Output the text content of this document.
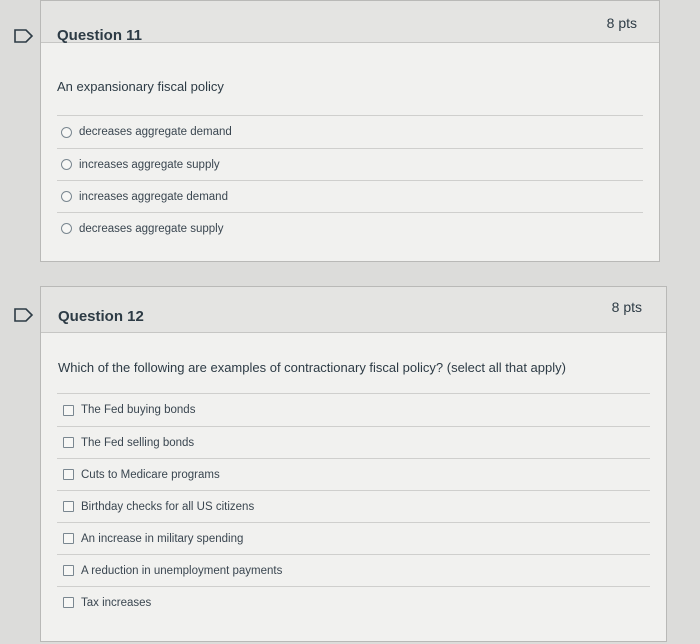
Question 11
8 pts
An expansionary fiscal policy
decreases aggregate demand
increases aggregate supply
increases aggregate demand
decreases aggregate supply
Question 12
8 pts
Which of the following are examples of contractionary fiscal policy? (select all that apply)
The Fed buying bonds
The Fed selling bonds
Cuts to Medicare programs
Birthday checks for all US citizens
An increase in military spending
A reduction in unemployment payments
Tax increases
